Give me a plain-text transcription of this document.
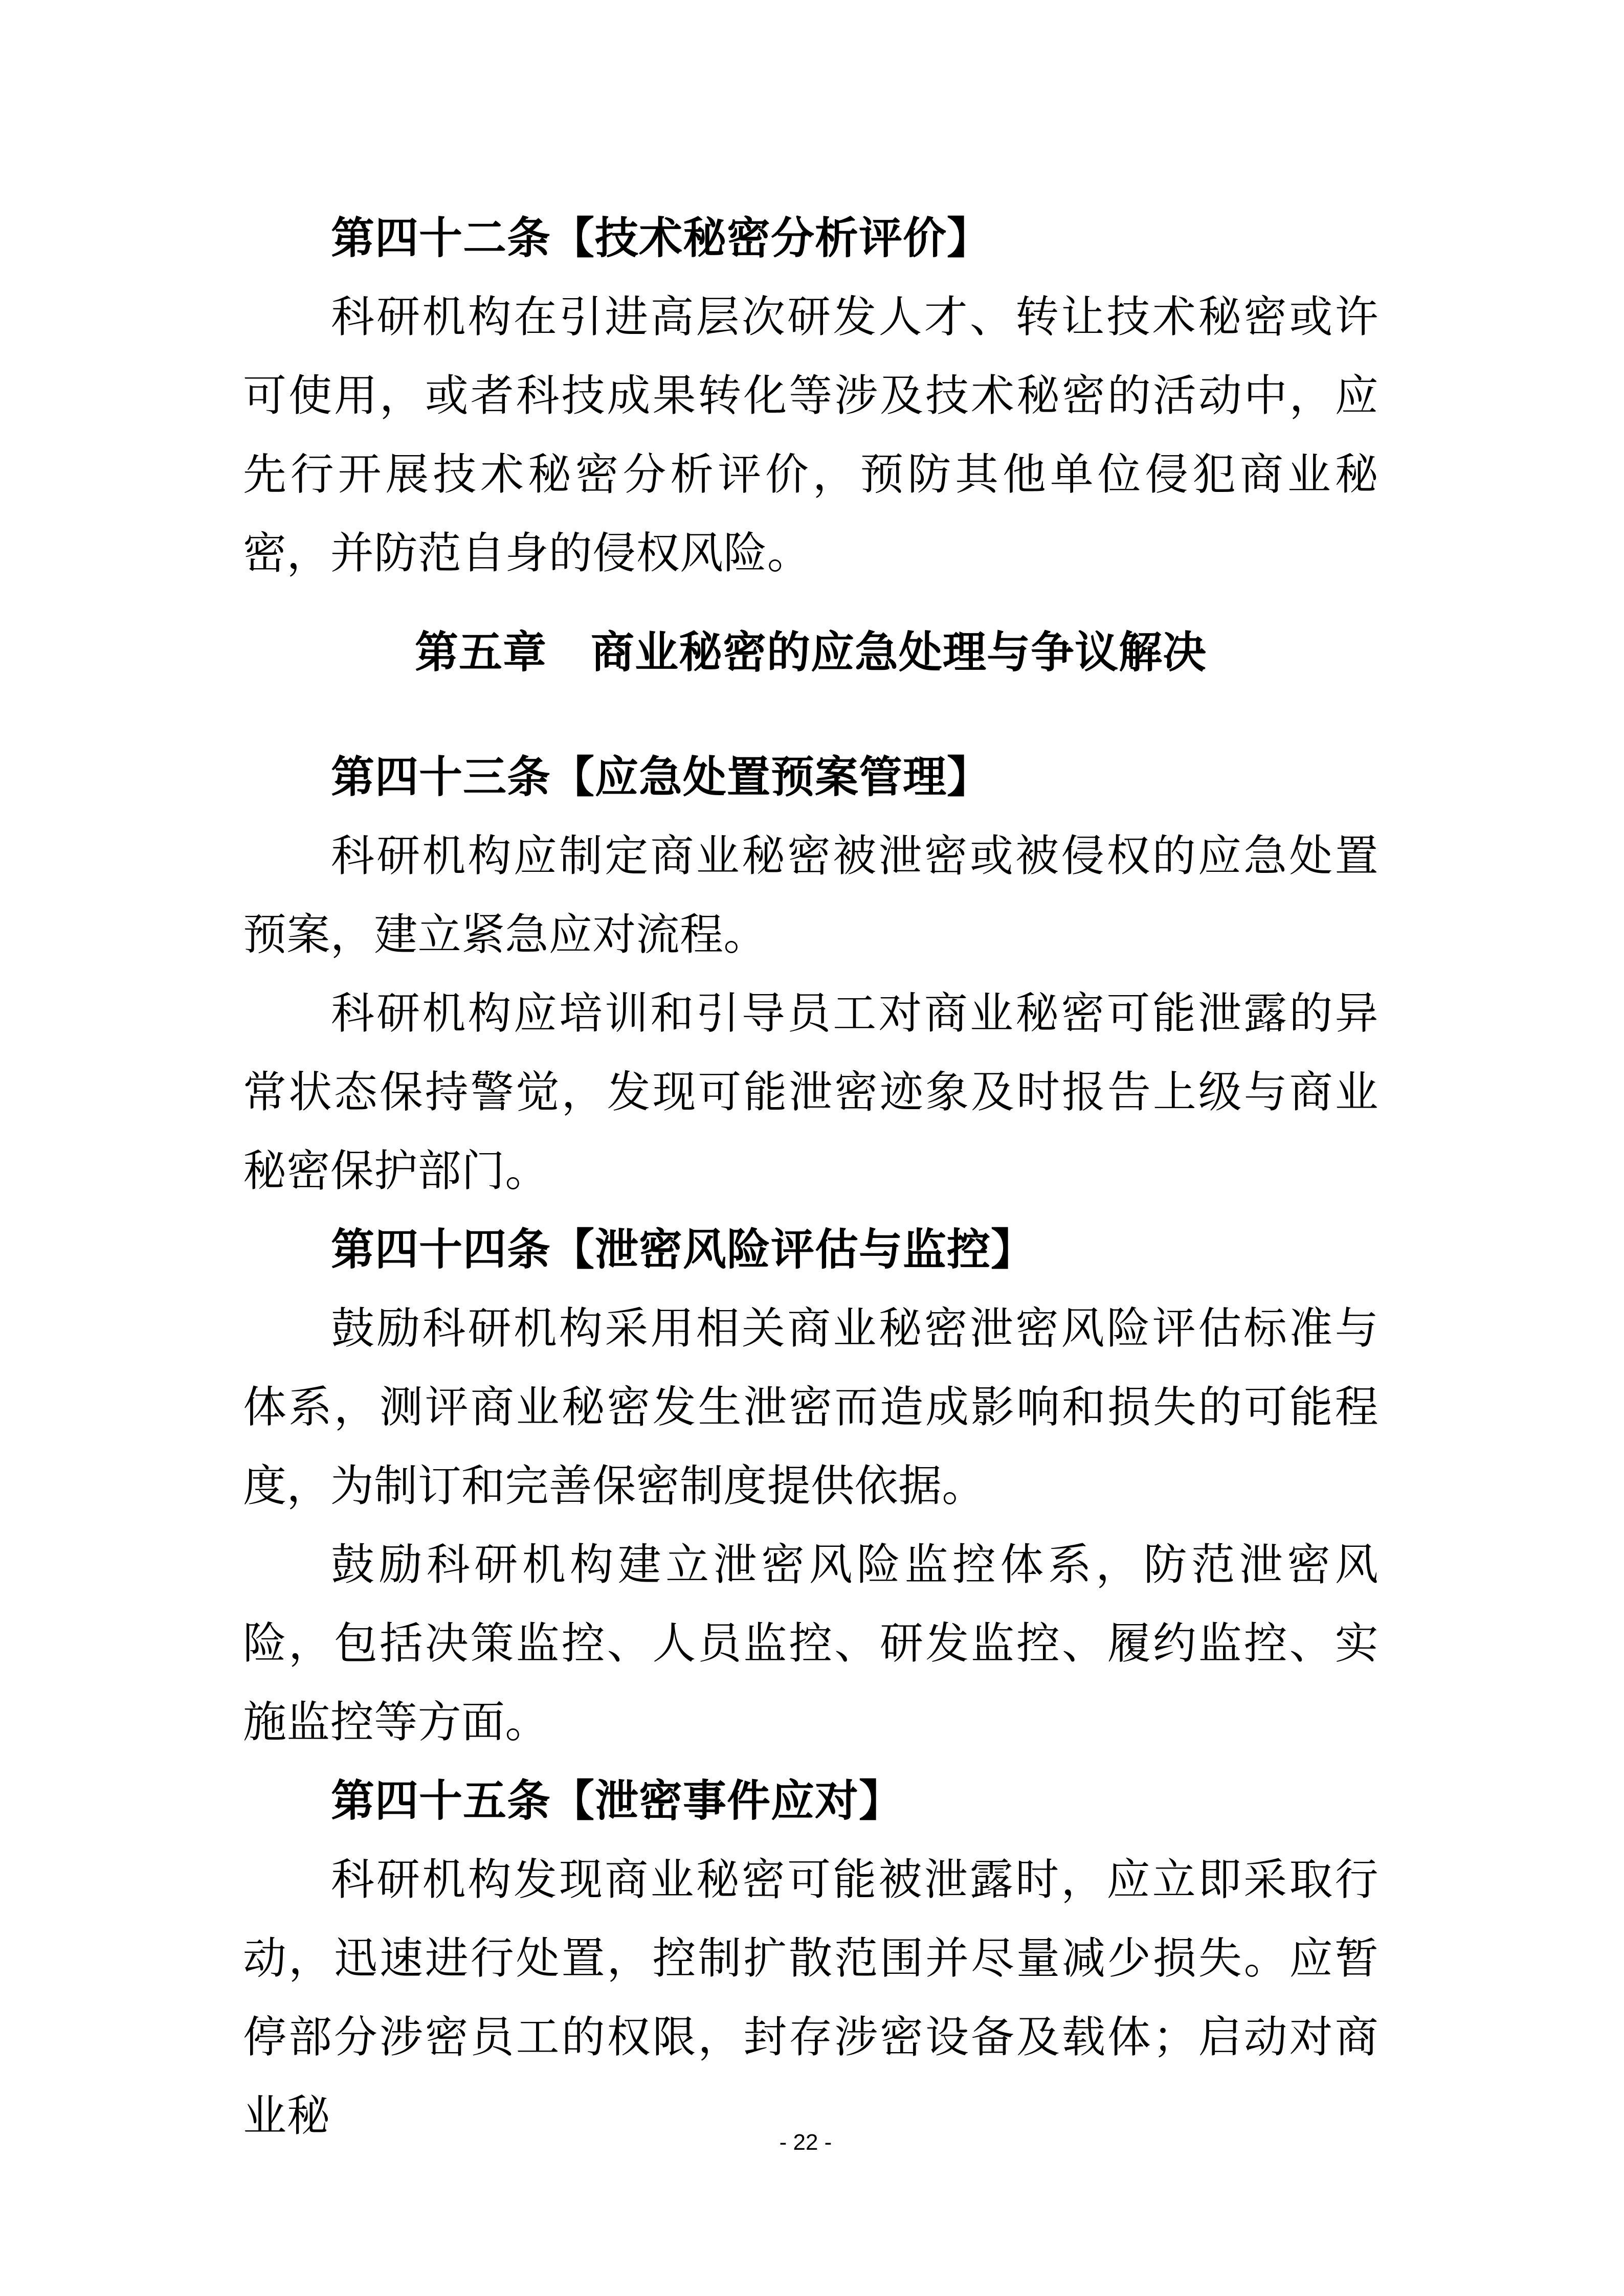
第四十二条【技术秘密分析评价】

科研机构在引进高层次研发人才、转让技术秘密或许可使用，或者科技成果转化等涉及技术秘密的活动中，应先行开展技术秘密分析评价，预防其他单位侵犯商业秘密，并防范自身的侵权风险。

第五章　商业秘密的应急处理与争议解决

第四十三条【应急处置预案管理】

科研机构应制定商业秘密被泄密或被侵权的应急处置预案，建立紧急应对流程。

科研机构应培训和引导员工对商业秘密可能泄露的异常状态保持警觉，发现可能泄密迹象及时报告上级与商业秘密保护部门。

第四十四条【泄密风险评估与监控】

鼓励科研机构采用相关商业秘密泄密风险评估标准与体系，测评商业秘密发生泄密而造成影响和损失的可能程度，为制订和完善保密制度提供依据。

鼓励科研机构建立泄密风险监控体系，防范泄密风险，包括决策监控、人员监控、研发监控、履约监控、实施监控等方面。

第四十五条【泄密事件应对】

科研机构发现商业秘密可能被泄露时，应立即采取行动，迅速进行处置，控制扩散范围并尽量减少损失。应暂停部分涉密员工的权限，封存涉密设备及载体；启动对商业秘

- 22 -
